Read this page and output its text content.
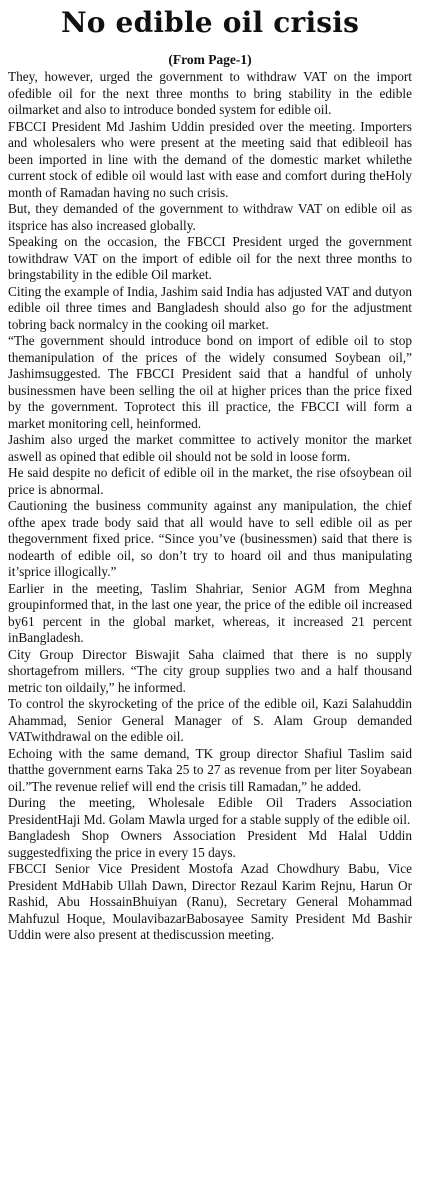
No edible oil crisis
(From Page-1)

They, however, urged the government to withdraw VAT on the import ofedible oil for the next three months to bring stability in the edible oilmarket and also to introduce bonded system for edible oil.

FBCCI President Md Jashim Uddin presided over the meeting. Importers and wholesalers who were present at the meeting said that edibleoil has been imported in line with the demand of the domestic market whilethe current stock of edible oil would last with ease and comfort during theHoly month of Ramadan having no such crisis.

But, they demanded of the government to withdraw VAT on edible oil as itsprice has also increased globally.

Speaking on the occasion, the FBCCI President urged the government towithdraw VAT on the import of edible oil for the next three months to bringstability in the edible Oil market.

Citing the example of India, Jashim said India has adjusted VAT and dutyon edible oil three times and Bangladesh should also go for the adjustment tobring back normalcy in the cooking oil market.

“The government should introduce bond on import of edible oil to stop themanipulation of the prices of the widely consumed Soybean oil,” Jashimsuggested. The FBCCI President said that a handful of unholy businessmen have been selling the oil at higher prices than the price fixed by the government. Toprotect this ill practice, the FBCCI will form a market monitoring cell, heinformed.

Jashim also urged the market committee to actively monitor the market aswell as opined that edible oil should not be sold in loose form.

He said despite no deficit of edible oil in the market, the rise ofsoybean oil price is abnormal.

Cautioning the business community against any manipulation, the chief ofthe apex trade body said that all would have to sell edible oil as per thegovernment fixed price. “Since you’ve (businessmen) said that there is nodearth of edible oil, so don’t try to hoard oil and thus manipulating it’sprice illogically.”

Earlier in the meeting, Taslim Shahriar, Senior AGM from Meghna groupinformed that, in the last one year, the price of the edible oil increased by61 percent in the global market, whereas, it increased 21 percent inBangladesh.

City Group Director Biswajit Saha claimed that there is no supply shortagefrom millers. “The city group supplies two and a half thousand metric ton oildaily,” he informed.

To control the skyrocketing of the price of the edible oil, Kazi Salahuddin Ahammad, Senior General Manager of S. Alam Group demanded VATwithdrawal on the edible oil.

Echoing with the same demand, TK group director Shafiul Taslim said thatthe government earns Taka 25 to 27 as revenue from per liter Soyabean oil.”The revenue relief will end the crisis till Ramadan,” he added.

During the meeting, Wholesale Edible Oil Traders Association PresidentHaji Md. Golam Mawla urged for a stable supply of the edible oil.

Bangladesh Shop Owners Association President Md Halal Uddin suggestedfixing the price in every 15 days.

FBCCI Senior Vice President Mostofa Azad Chowdhury Babu, Vice President MdHabib Ullah Dawn, Director Rezaul Karim Rejnu, Harun Or Rashid, Abu HossainBhuiyan (Ranu), Secretary General Mohammad Mahfuzul Hoque, MoulavibazarBabosayee Samity President Md Bashir Uddin were also present at thediscussion meeting.
